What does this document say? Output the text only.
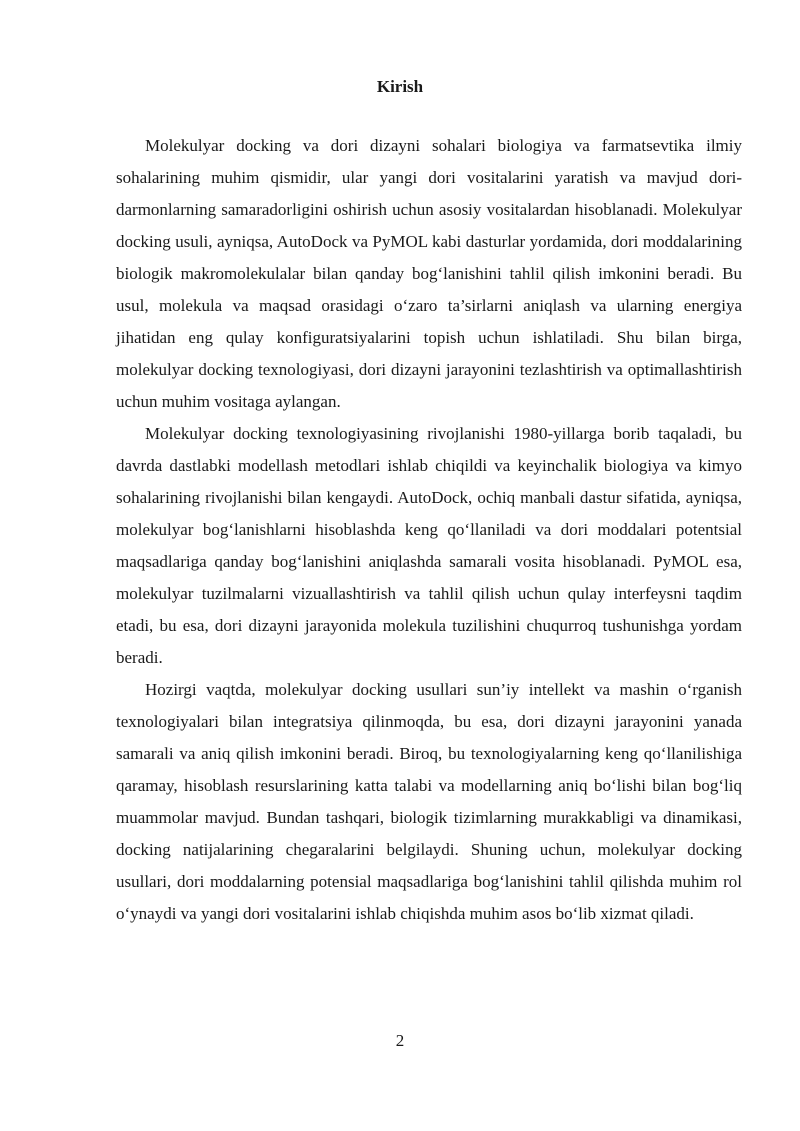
Kirish

Molekulyar docking va dori dizayni sohalari biologiya va farmatsevtika ilmiy sohalarining muhim qismidir, ular yangi dori vositalarini yaratish va mavjud dori-darmonlarning samaradorligini oshirish uchun asosiy vositalardan hisoblanadi. Molekulyar docking usuli, ayniqsa, AutoDock va PyMOL kabi dasturlar yordamida, dori moddalarining biologik makromolekulalar bilan qanday bog‘lanishini tahlil qilish imkonini beradi. Bu usul, molekula va maqsad orasidagi o‘zaro ta’sirlarni aniqlash va ularning energiya jihatidan eng qulay konfiguratsiyalarini topish uchun ishlatiladi. Shu bilan birga, molekulyar docking texnologiyasi, dori dizayni jarayonini tezlashtirish va optimallashtirish uchun muhim vositaga aylangan.

Molekulyar docking texnologiyasining rivojlanishi 1980-yillarga borib taqaladi, bu davrda dastlabki modellash metodlari ishlab chiqildi va keyinchalik biologiya va kimyo sohalarining rivojlanishi bilan kengaydi. AutoDock, ochiq manbali dastur sifatida, ayniqsa, molekulyar bog‘lanishlarni hisoblashda keng qo‘llaniladi va dori moddalari potentsial maqsadlariga qanday bog‘lanishini aniqlashda samarali vosita hisoblanadi. PyMOL esa, molekulyar tuzilmalarni vizuallashtirish va tahlil qilish uchun qulay interfeysni taqdim etadi, bu esa, dori dizayni jarayonida molekula tuzilishini chuqurroq tushunishga yordam beradi.

Hozirgi vaqtda, molekulyar docking usullari sun’iy intellekt va mashin o‘rganish texnologiyalari bilan integratsiya qilinmoqda, bu esa, dori dizayni jarayonini yanada samarali va aniq qilish imkonini beradi. Biroq, bu texnologiyalarning keng qo‘llanilishiga qaramay, hisoblash resurslarining katta talabi va modellarning aniq bo‘lishi bilan bog‘liq muammolar mavjud. Bundan tashqari, biologik tizimlarning murakkabligi va dinamikasi, docking natijalarining chegaralarini belgilaydi. Shuning uchun, molekulyar docking usullari, dori moddalarning potensial maqsadlariga bog‘lanishini tahlil qilishda muhim rol o‘ynaydi va yangi dori vositalarini ishlab chiqishda muhim asos bo‘lib xizmat qiladi.

2
